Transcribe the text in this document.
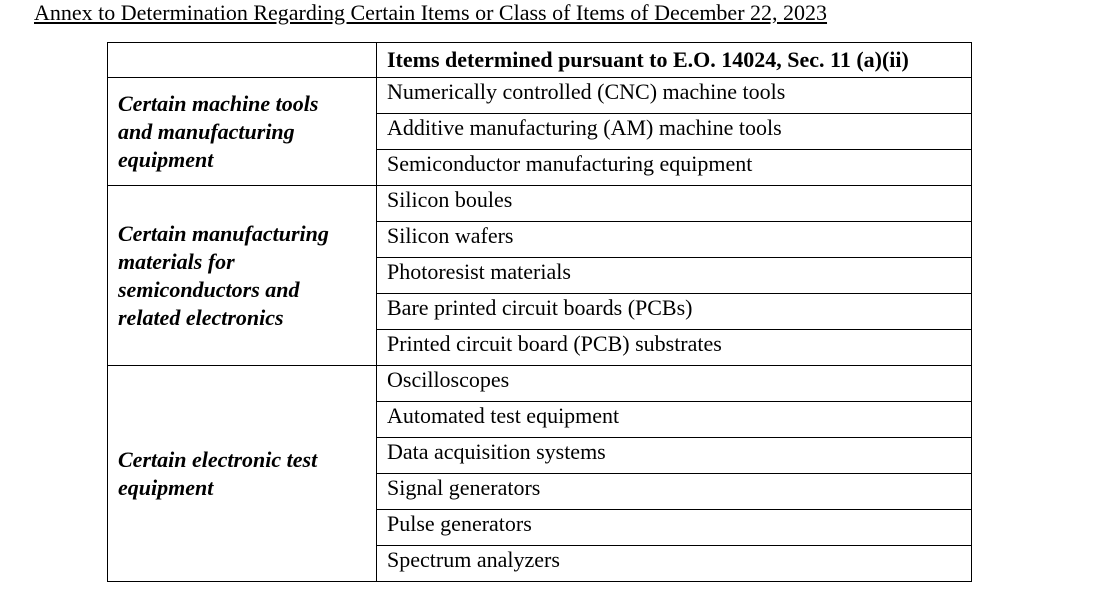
Annex to Determination Regarding Certain Items or Class of Items of December 22, 2023
	Items determined pursuant to E.O. 14024, Sec. 11 (a)(ii)

Certain machine tools and manufacturing equipment	Numerically controlled (CNC) machine tools
	Additive manufacturing (AM) machine tools
	Semiconductor manufacturing equipment

Certain manufacturing materials for semiconductors and related electronics	Silicon boules
	Silicon wafers
	Photoresist materials
	Bare printed circuit boards (PCBs)
	Printed circuit board (PCB) substrates

Certain electronic test equipment	Oscilloscopes
	Automated test equipment
	Data acquisition systems
	Signal generators
	Pulse generators
	Spectrum analyzers
